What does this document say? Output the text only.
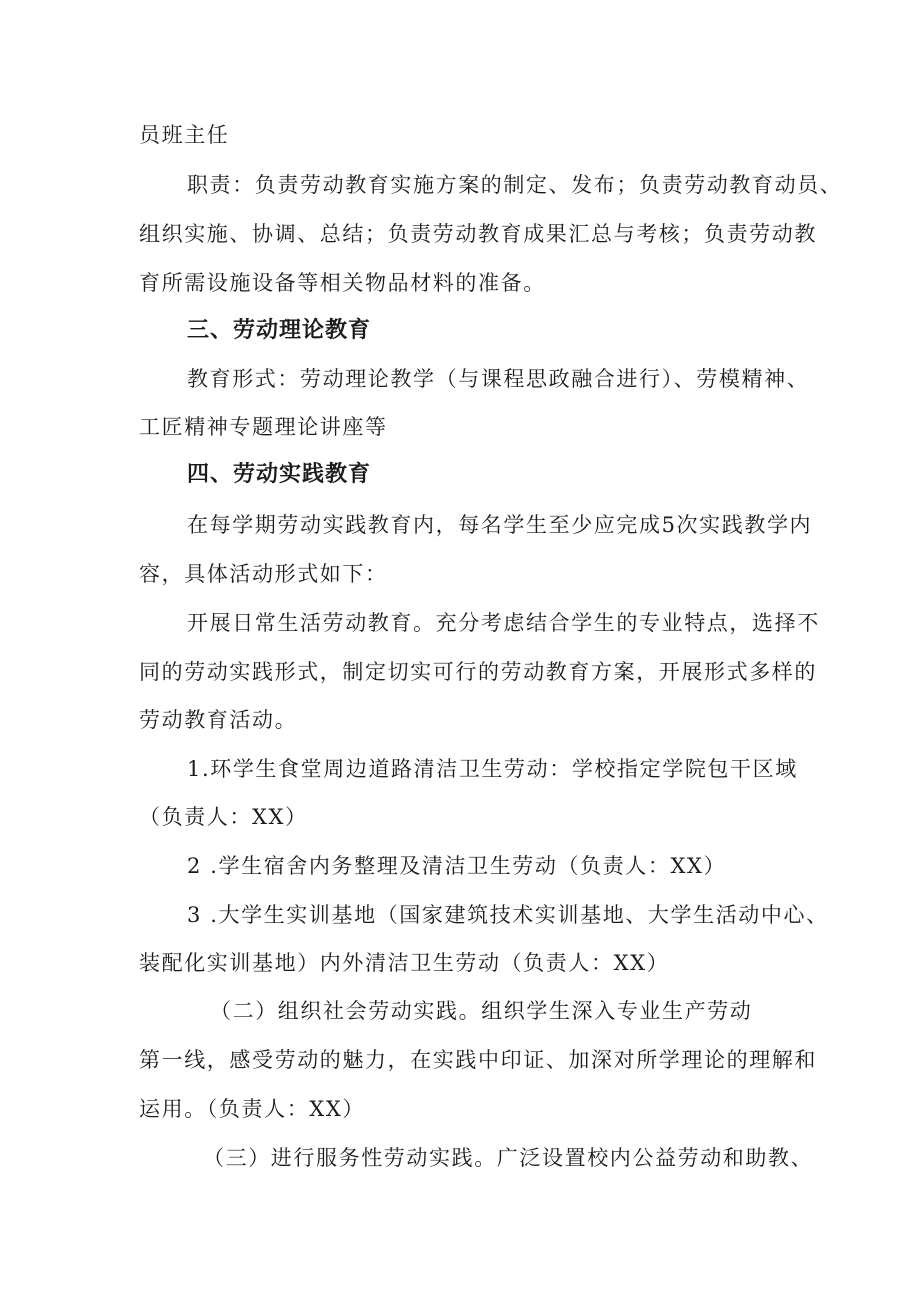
员班主任
职责：负责劳动教育实施方案的制定、发布；负责劳动教育动员、
组织实施、协调、总结；负责劳动教育成果汇总与考核；负责劳动教
育所需设施设备等相关物品材料的准备。
三、劳动理论教育
教育形式：劳动理论教学（与课程思政融合进行）、劳模精神、
工匠精神专题理论讲座等
四、劳动实践教育
在每学期劳动实践教育内，每名学生至少应完成5次实践教学内
容，具体活动形式如下：
开展日常生活劳动教育。充分考虑结合学生的专业特点，选择不
同的劳动实践形式，制定切实可行的劳动教育方案，开展形式多样的
劳动教育活动。
1.环学生食堂周边道路清洁卫生劳动：学校指定学院包干区域
（负责人：XX）
2 .学生宿舍内务整理及清洁卫生劳动（负责人：XX）
3 .大学生实训基地（国家建筑技术实训基地、大学生活动中心、
装配化实训基地）内外清洁卫生劳动（负责人：XX）
（二）组织社会劳动实践。组织学生深入专业生产劳动
第一线，感受劳动的魅力，在实践中印证、加深对所学理论的理解和
运用。（负责人：XX）
（三）进行服务性劳动实践。广泛设置校内公益劳动和助教、
